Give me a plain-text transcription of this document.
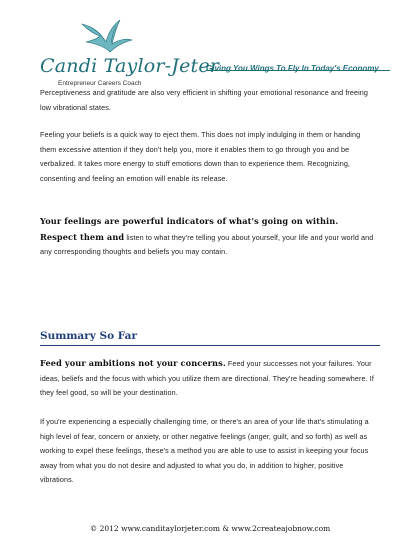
Candi Taylor-Jeter
Entrepreneur Careers Coach
Giving You Wings To Fly In Today's Economy

Perceptiveness and gratitude are also very efficient in shifting your emotional resonance and freeing low vibrational states.

Feeling your beliefs is a quick way to eject them. This does not imply indulging in them or handing them excessive attention if they don't help you, more it enables them to go through you and be verbalized. It takes more energy to stuff emotions down than to experience them. Recognizing, consenting and feeling an emotion will enable its release.

Your feelings are powerful indicators of what's going on within. Respect them and listen to what they're telling you about yourself, your life and your world and any corresponding thoughts and beliefs you may contain.

Summary So Far

Feed your ambitions not your concerns. Feed your successes not your failures. Your ideas, beliefs and the focus with which you utilize them are directional. They're heading somewhere. If they feel good, so will be your destination.

If you're experiencing a especially challenging time, or there's an area of your life that's stimulating a high level of fear, concern or anxiety, or other negative feelings (anger, guilt, and so forth) as well as working to expel these feelings, these's a method you are able to use to assist in keeping your focus away from what you do not desire and adjusted to what you do, in addition to higher, positive vibrations.

© 2012 www.canditaylorjeter.com & www.2createajobnow.com
